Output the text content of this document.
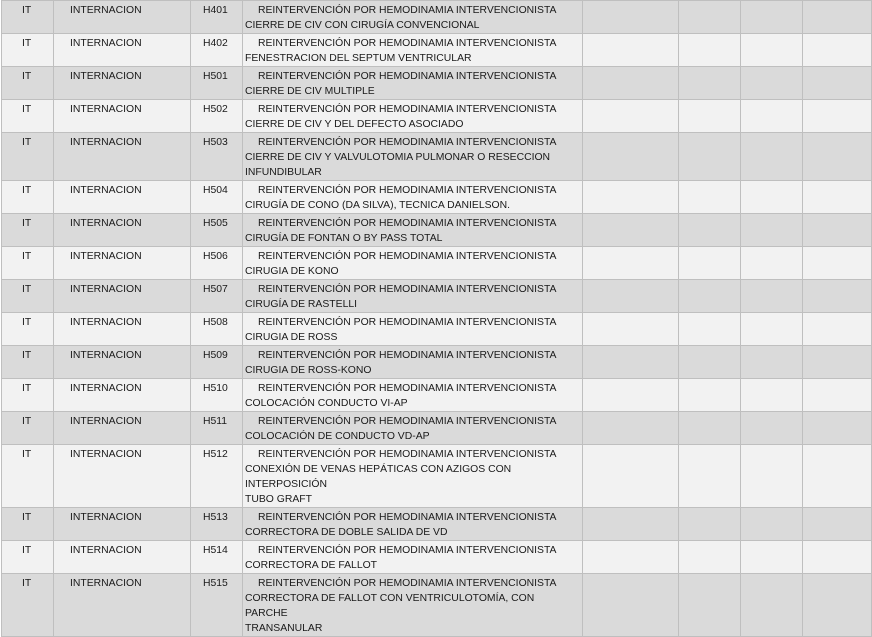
IT	INTERNACION	H401	REINTERVENCIÓN POR HEMODINAMIA INTERVENCIONISTA
CIERRE DE CIV CON CIRUGÍA CONVENCIONAL				

IT	INTERNACION	H402	REINTERVENCIÓN POR HEMODINAMIA INTERVENCIONISTA
FENESTRACION DEL SEPTUM VENTRICULAR				

IT	INTERNACION	H501	REINTERVENCIÓN POR HEMODINAMIA INTERVENCIONISTA
CIERRE DE CIV MULTIPLE				

IT	INTERNACION	H502	REINTERVENCIÓN POR HEMODINAMIA INTERVENCIONISTA
CIERRE DE CIV Y DEL DEFECTO ASOCIADO				

IT	INTERNACION	H503	REINTERVENCIÓN POR HEMODINAMIA INTERVENCIONISTA
CIERRE DE CIV Y VALVULOTOMIA PULMONAR O RESECCION
INFUNDIBULAR				

IT	INTERNACION	H504	REINTERVENCIÓN POR HEMODINAMIA INTERVENCIONISTA
CIRUGÍA DE CONO (DA SILVA), TECNICA DANIELSON.				

IT	INTERNACION	H505	REINTERVENCIÓN POR HEMODINAMIA INTERVENCIONISTA
CIRUGÍA DE FONTAN O BY PASS TOTAL				

IT	INTERNACION	H506	REINTERVENCIÓN POR HEMODINAMIA INTERVENCIONISTA
CIRUGIA DE KONO				

IT	INTERNACION	H507	REINTERVENCIÓN POR HEMODINAMIA INTERVENCIONISTA
CIRUGÍA DE RASTELLI				

IT	INTERNACION	H508	REINTERVENCIÓN POR HEMODINAMIA INTERVENCIONISTA
CIRUGIA DE ROSS				

IT	INTERNACION	H509	REINTERVENCIÓN POR HEMODINAMIA INTERVENCIONISTA
CIRUGIA DE ROSS-KONO				

IT	INTERNACION	H510	REINTERVENCIÓN POR HEMODINAMIA INTERVENCIONISTA
COLOCACIÓN CONDUCTO VI-AP				

IT	INTERNACION	H511	REINTERVENCIÓN POR HEMODINAMIA INTERVENCIONISTA
COLOCACIÓN DE CONDUCTO VD-AP				

IT	INTERNACION	H512	REINTERVENCIÓN POR HEMODINAMIA INTERVENCIONISTA
CONEXIÓN DE VENAS HEPÁTICAS CON AZIGOS CON INTERPOSICIÓN
TUBO GRAFT				

IT	INTERNACION	H513	REINTERVENCIÓN POR HEMODINAMIA INTERVENCIONISTA
CORRECTORA DE DOBLE SALIDA DE VD				

IT	INTERNACION	H514	REINTERVENCIÓN POR HEMODINAMIA INTERVENCIONISTA
CORRECTORA DE FALLOT				

IT	INTERNACION	H515	REINTERVENCIÓN POR HEMODINAMIA INTERVENCIONISTA
CORRECTORA DE FALLOT CON VENTRICULOTOMÍA, CON PARCHE
TRANSANULAR				
